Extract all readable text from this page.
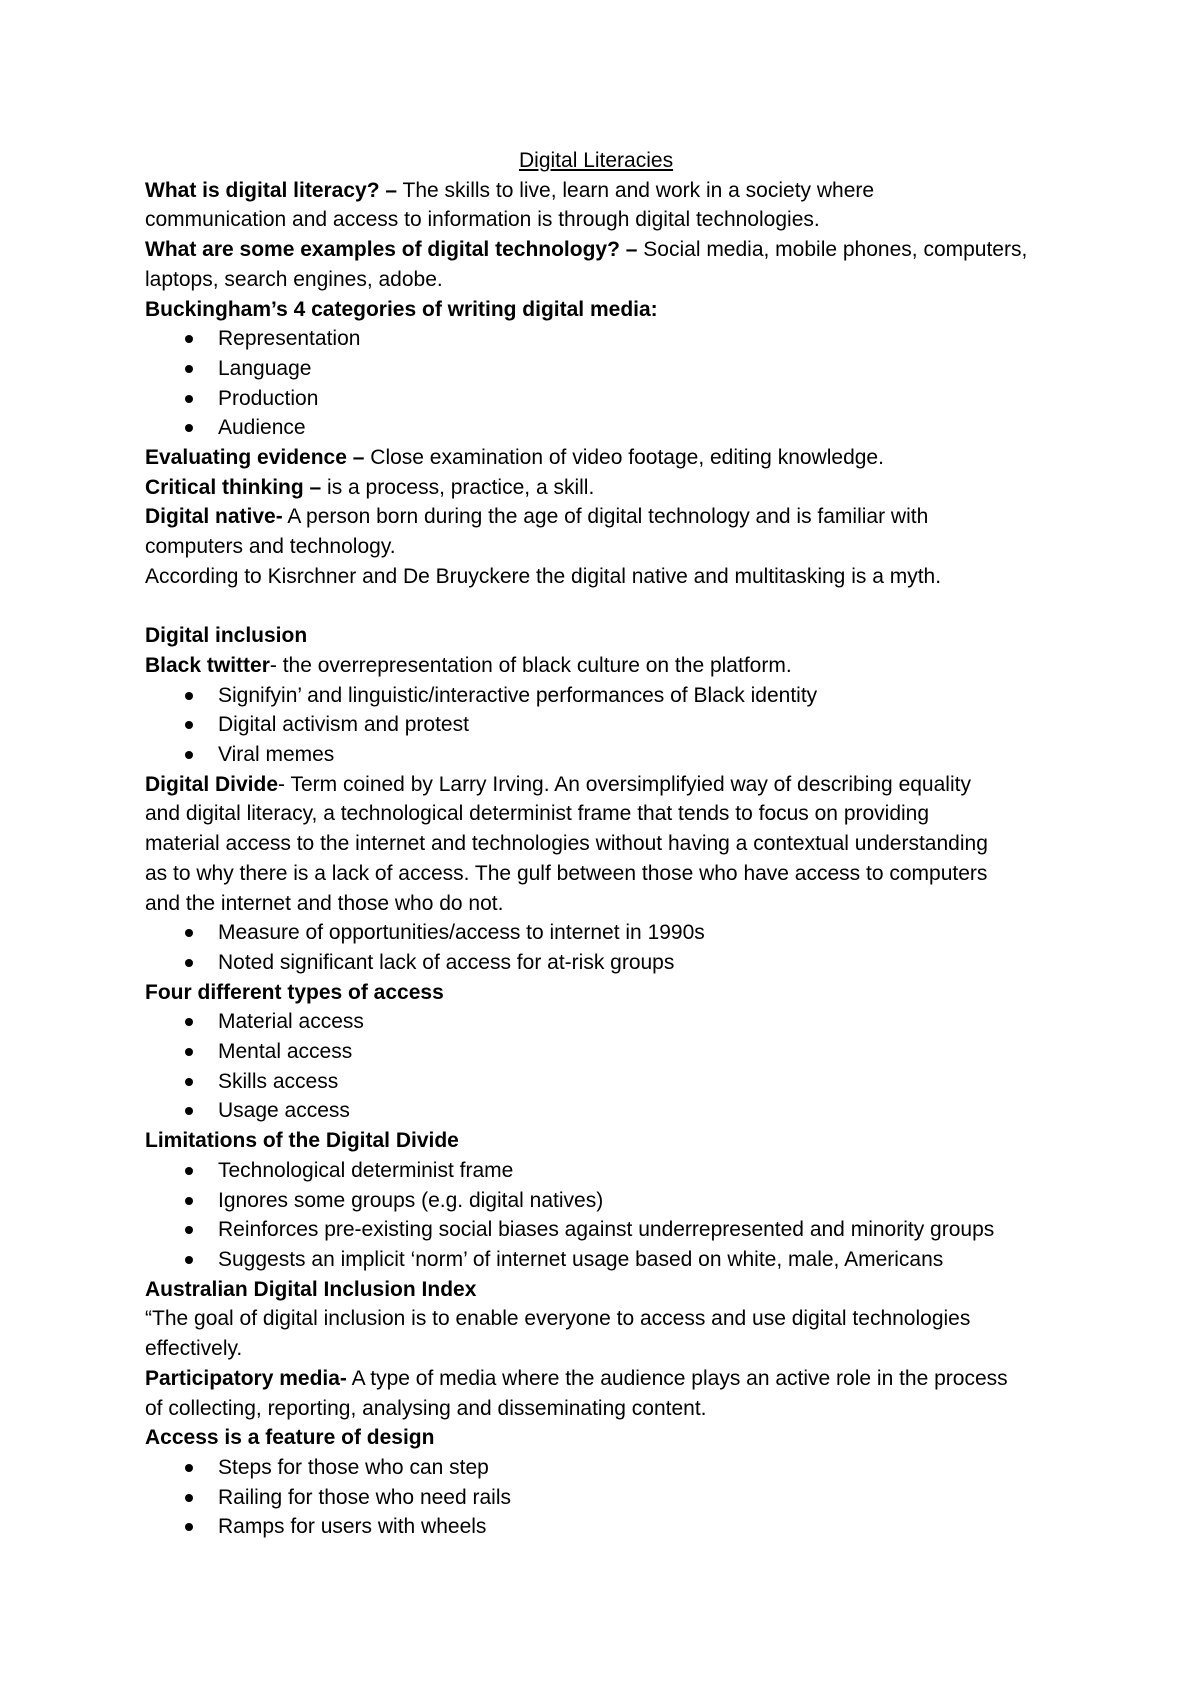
Digital Literacies
What is digital literacy? – The skills to live, learn and work in a society where
communication and access to information is through digital technologies.
What are some examples of digital technology? – Social media, mobile phones, computers,
laptops, search engines, adobe.
Buckingham’s 4 categories of writing digital media:
Representation
Language
Production
Audience
Evaluating evidence – Close examination of video footage, editing knowledge.
Critical thinking – is a process, practice, a skill.
Digital native- A person born during the age of digital technology and is familiar with
computers and technology.
According to Kisrchner and De Bruyckere the digital native and multitasking is a myth.
Digital inclusion
Black twitter- the overrepresentation of black culture on the platform.
Signifyin’ and linguistic/interactive performances of Black identity
Digital activism and protest
Viral memes
Digital Divide- Term coined by Larry Irving. An oversimplifyied way of describing equality
and digital literacy, a technological determinist frame that tends to focus on providing
material access to the internet and technologies without having a contextual understanding
as to why there is a lack of access. The gulf between those who have access to computers
and the internet and those who do not.
Measure of opportunities/access to internet in 1990s
Noted significant lack of access for at-risk groups
Four different types of access
Material access
Mental access
Skills access
Usage access
Limitations of the Digital Divide
Technological determinist frame
Ignores some groups (e.g. digital natives)
Reinforces pre-existing social biases against underrepresented and minority groups
Suggests an implicit ‘norm’ of internet usage based on white, male, Americans
Australian Digital Inclusion Index
“The goal of digital inclusion is to enable everyone to access and use digital technologies
effectively.
Participatory media- A type of media where the audience plays an active role in the process
of collecting, reporting, analysing and disseminating content.
Access is a feature of design
Steps for those who can step
Railing for those who need rails
Ramps for users with wheels
